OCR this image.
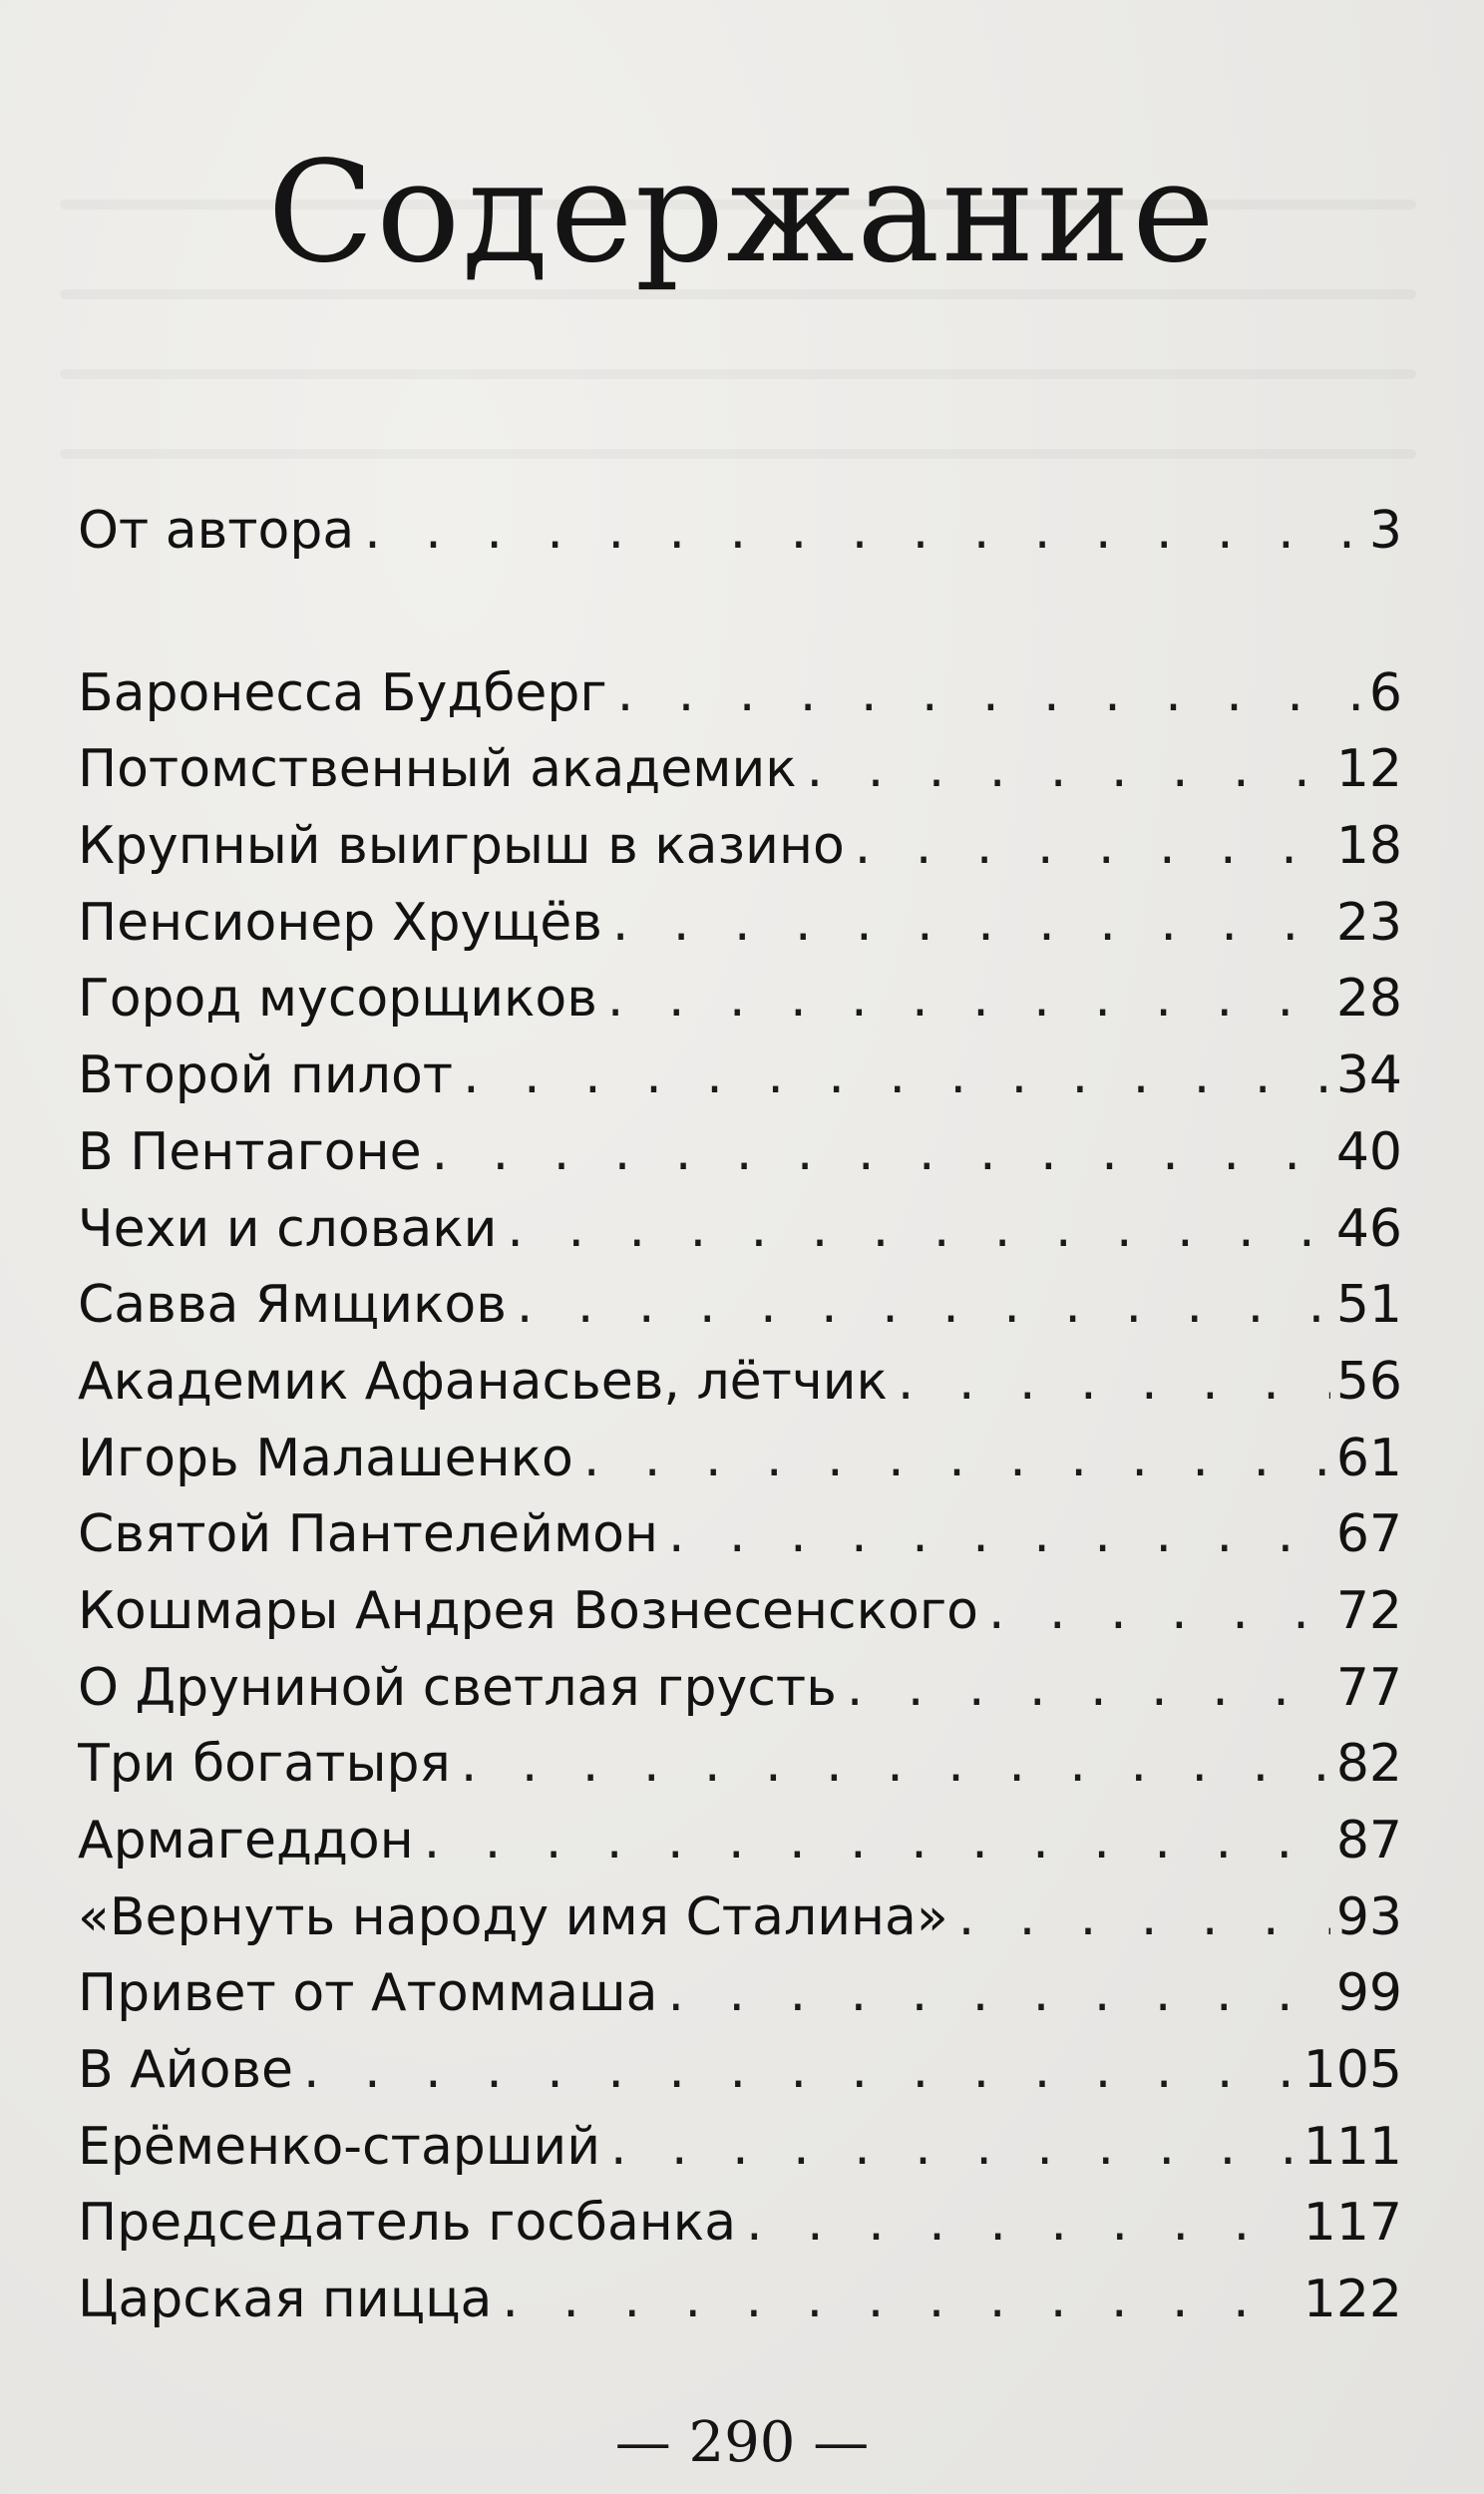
Содержание
От автора . . .	3
Баронесса Будберг . . .	6
Потомственный академик . . .	12
Крупный выигрыш в казино . . .	18
Пенсионер Хрущёв . . .	23
Город мусорщиков . . .	28
Второй пилот . . .	34
В Пентагоне . . .	40
Чехи и словаки . . .	46
Савва Ямщиков . . .	51
Академик Афанасьев, лётчик . . .	56
Игорь Малашенко . . .	61
Святой Пантелеймон . . .	67
Кошмары Андрея Вознесенского . . .	72
О Друниной светлая грусть . . .	77
Три богатыря . . .	82
Армагеддон . . .	87
«Вернуть народу имя Сталина» . . .	93
Привет от Атоммаша . . .	99
В Айове . . .	105
Ерёменко-старший . . .	111
Председатель госбанка . . .	117
Царская пицца . . .	122
— 290 —
